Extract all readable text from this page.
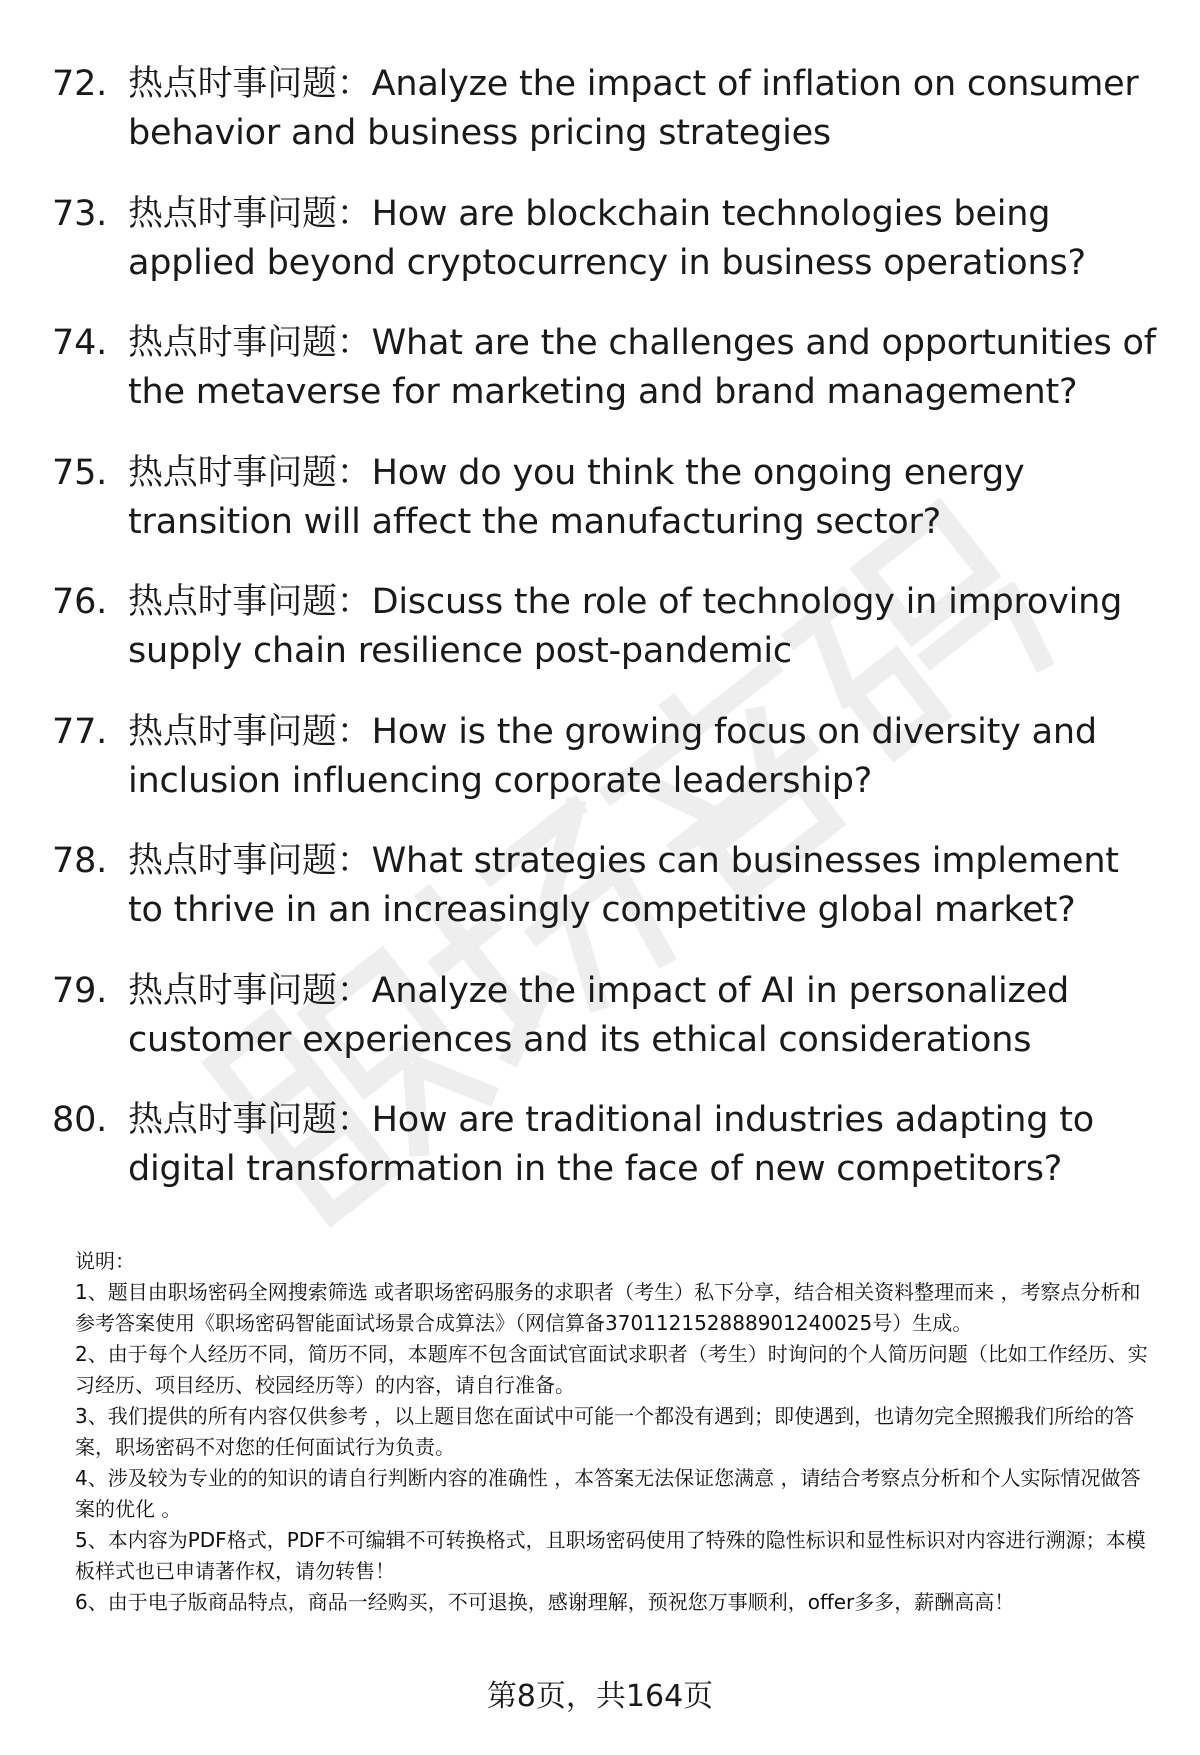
72. 热点时事问题：Analyze the impact of inflation on consumer behavior and business pricing strategies
73. 热点时事问题：How are blockchain technologies being applied beyond cryptocurrency in business operations?
74. 热点时事问题：What are the challenges and opportunities of the metaverse for marketing and brand management?
75. 热点时事问题：How do you think the ongoing energy transition will affect the manufacturing sector?
76. 热点时事问题：Discuss the role of technology in improving supply chain resilience post-pandemic
77. 热点时事问题：How is the growing focus on diversity and inclusion influencing corporate leadership?
78. 热点时事问题：What strategies can businesses implement to thrive in an increasingly competitive global market?
79. 热点时事问题：Analyze the impact of AI in personalized customer experiences and its ethical considerations
80. 热点时事问题：How are traditional industries adapting to digital transformation in the face of new competitors?

说明：

1、题目由职场密码全网搜索筛选 或者职场密码服务的求职者（考生）私下分享，结合相关资料整理而来 ，考察点分析和参考答案使用《职场密码智能面试场景合成算法》（网信算备370112152888901240025号）生成。

2、由于每个人经历不同，简历不同，本题库不包含面试官面试求职者（考生）时询问的个人简历问题（比如工作经历、实习经历、项目经历、校园经历等）的内容，请自行准备。

3、我们提供的所有内容仅供参考 ，以上题目您在面试中可能一个都没有遇到；即使遇到，也请勿完全照搬我们所给的答案，职场密码不对您的任何面试行为负责。

4、涉及较为专业的的知识的请自行判断内容的准确性 ，本答案无法保证您满意 ，请结合考察点分析和个人实际情况做答案的优化 。

5、本内容为PDF格式，PDF不可编辑不可转换格式，且职场密码使用了特殊的隐性标识和显性标识对内容进行溯源；本模板样式也已申请著作权，请勿转售！

6、由于电子版商品特点，商品一经购买，不可退换，感谢理解，预祝您万事顺利，offer多多，薪酬高高！

第8页，共164页
